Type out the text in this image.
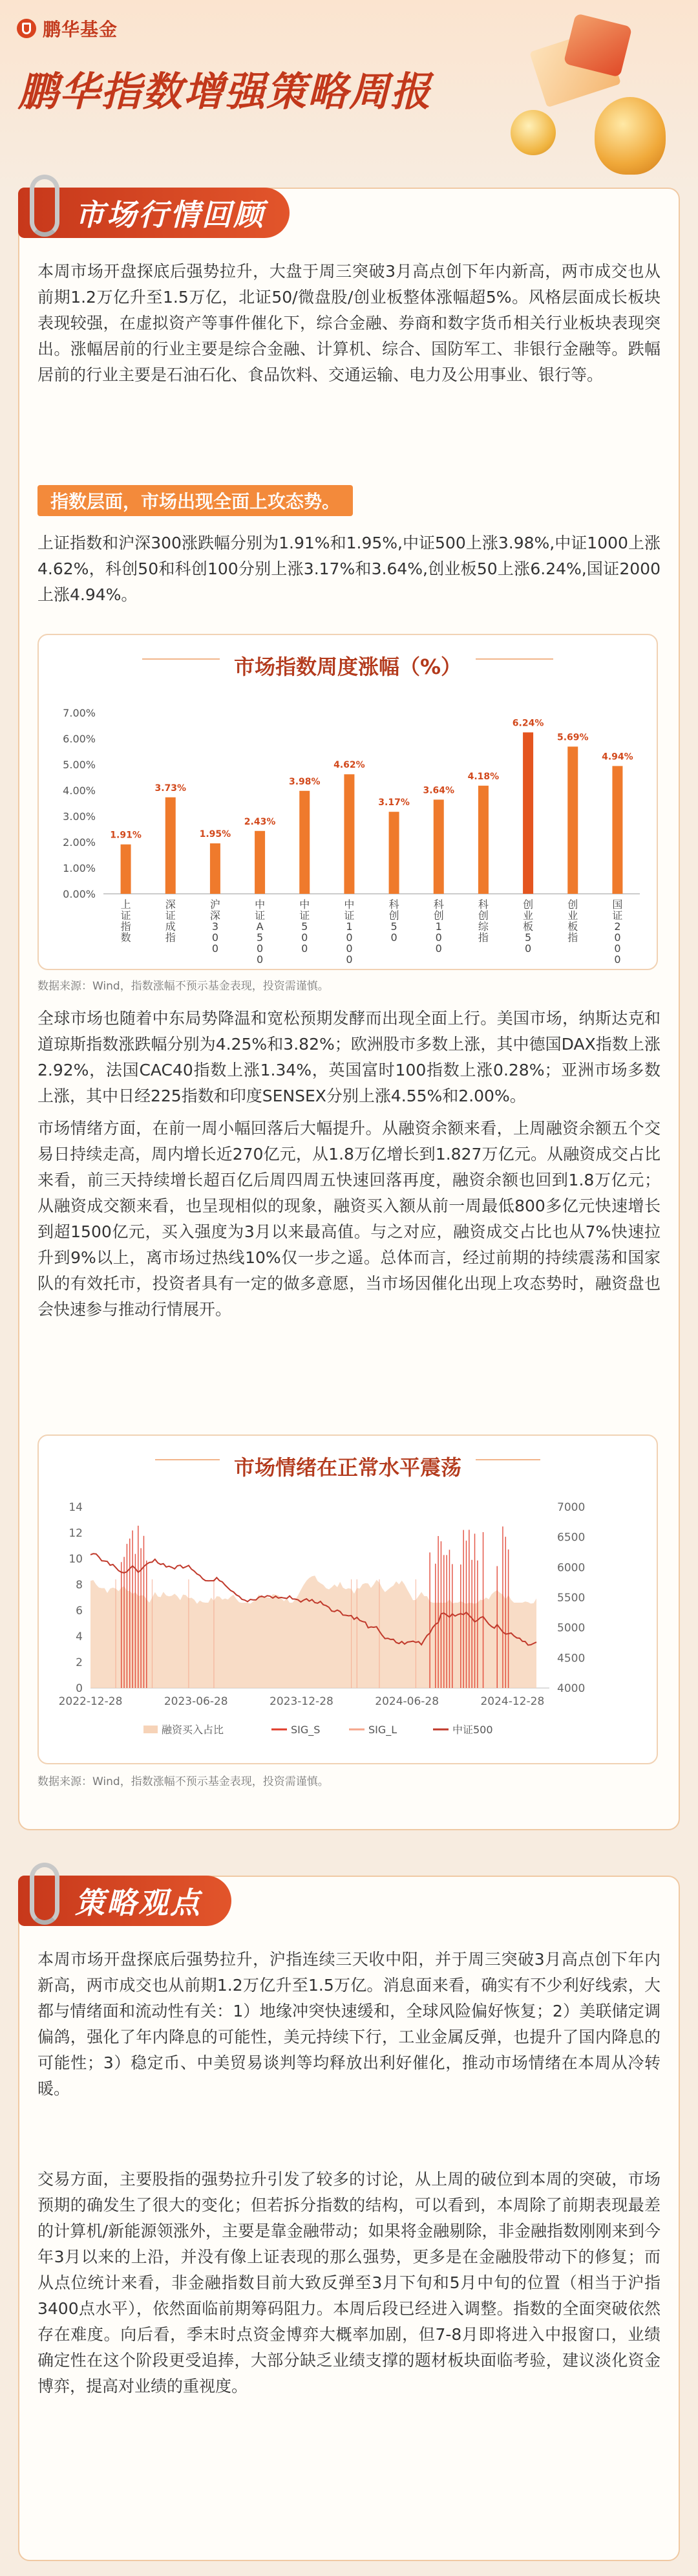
鹏华基金
鹏华指数增强策略周报
市场行情回顾
本周市场开盘探底后强势拉升，大盘于周三突破3月高点创下年内新高，两市成交也从前期1.2万亿升至1.5万亿，北证50/微盘股/创业板整体涨幅超5%。风格层面成长板块表现较强，在虚拟资产等事件催化下，综合金融、券商和数字货币相关行业板块表现突出。涨幅居前的行业主要是综合金融、计算机、综合、国防军工、非银行金融等。跌幅居前的行业主要是石油石化、食品饮料、交通运输、电力及公用事业、银行等。
指数层面，市场出现全面上攻态势。
上证指数和沪深300涨跌幅分别为1.91%和1.95%,中证500上涨3.98%,中证1000上涨4.62%，科创50和科创100分别上涨3.17%和3.64%,创业板50上涨6.24%,国证2000上涨4.94%。
市场指数周度涨幅（%）
0.00%
1.00%
2.00%
3.00%
4.00%
5.00%
6.00%
7.00%
1.91%
上证指数
3.73%
深证成指
1.95%
沪深 3 0 0
2.43%
中证 A 5 0 0
3.98%
中证 5 0 0
4.62%
中证 1 0 0 0
3.17%
科创 5 0
3.64%
科创 1 0 0
4.18%
科创综指
6.24%
创业板 5 0
5.69%
创业板指
4.94%
国证 2 0 0 0
数据来源：Wind，指数涨幅不预示基金表现，投资需谨慎。
全球市场也随着中东局势降温和宽松预期发酵而出现全面上行。美国市场，纳斯达克和道琼斯指数涨跌幅分别为4.25%和3.82%；欧洲股市多数上涨，其中德国DAX指数上涨2.92%，法国CAC40指数上涨1.34%，英国富时100指数上涨0.28%；亚洲市场多数上涨，其中日经225指数和印度SENSEX分别上涨4.55%和2.00%。
市场情绪方面，在前一周小幅回落后大幅提升。从融资余额来看，上周融资余额五个交易日持续走高，周内增长近270亿元，从1.8万亿增长到1.827万亿元。从融资成交占比来看，前三天持续增长超百亿后周四周五快速回落再度，融资余额也回到1.8万亿元；从融资成交额来看，也呈现相似的现象，融资买入额从前一周最低800多亿元快速增长到超1500亿元，买入强度为3月以来最高值。与之对应，融资成交占比也从7%快速拉升到9%以上，离市场过热线10%仅一步之遥。总体而言，经过前期的持续震荡和国家队的有效托市，投资者具有一定的做多意愿，当市场因催化出现上攻态势时，融资盘也会快速参与推动行情展开。
市场情绪在正常水平震荡
0
2
4
6
8
10
12
14
4000
4500
5000
5500
6000
6500
7000
2022-12-28	2023-06-28	2023-12-28	2024-06-28	2024-12-28
融资买入占比	SIG_S	SIG_L	中证500
数据来源：Wind，指数涨幅不预示基金表现，投资需谨慎。
策略观点
本周市场开盘探底后强势拉升，沪指连续三天收中阳，并于周三突破3月高点创下年内新高，两市成交也从前期1.2万亿升至1.5万亿。消息面来看，确实有不少利好线索，大都与情绪面和流动性有关：1）地缘冲突快速缓和，全球风险偏好恢复；2）美联储定调偏鸽，强化了年内降息的可能性，美元持续下行，工业金属反弹，也提升了国内降息的可能性；3）稳定币、中美贸易谈判等均释放出利好催化，推动市场情绪在本周从冷转暖。
交易方面，主要股指的强势拉升引发了较多的讨论，从上周的破位到本周的突破，市场预期的确发生了很大的变化；但若拆分指数的结构，可以看到，本周除了前期表现最差的计算机/新能源领涨外，主要是靠金融带动；如果将金融剔除，非金融指数刚刚来到今年3月以来的上沿，并没有像上证表现的那么强势，更多是在金融股带动下的修复；而从点位统计来看，非金融指数目前大致反弹至3月下旬和5月中旬的位置（相当于沪指3400点水平），依然面临前期筹码阻力。本周后段已经进入调整。指数的全面突破依然存在难度。向后看，季末时点资金博弈大概率加剧，但7-8月即将进入中报窗口，业绩确定性在这个阶段更受追捧，大部分缺乏业绩支撑的题材板块面临考验，建议淡化资金博弈，提高对业绩的重视度。
